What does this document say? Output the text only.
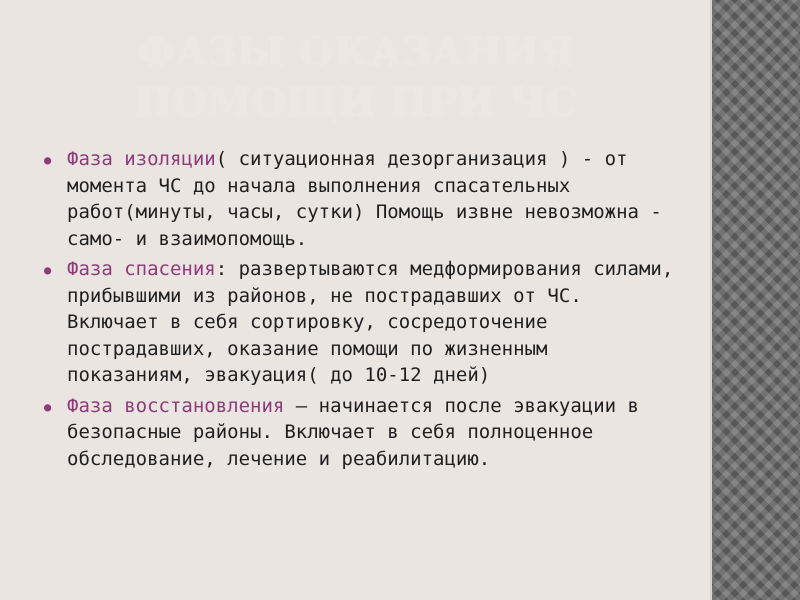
ФАЗЫ ОКАЗАНИЯ
ПОМОЩИ ПРИ ЧС
● Фаза изоляции( ситуационная дезорганизация ) - от момента ЧС до начала выполнения спасательных работ(минуты, часы, сутки) Помощь извне невозможна - само- и взаимопомощь.
● Фаза спасения: развертываются медформирования силами, прибывшими из районов, не пострадавших от ЧС. Включает в себя сортировку, сосредоточение пострадавших, оказание помощи по жизненным показаниям, эвакуация( до 10-12 дней)
● Фаза восстановления – начинается после эвакуации в безопасные районы. Включает в себя полноценное обследование, лечение и реабилитацию.
